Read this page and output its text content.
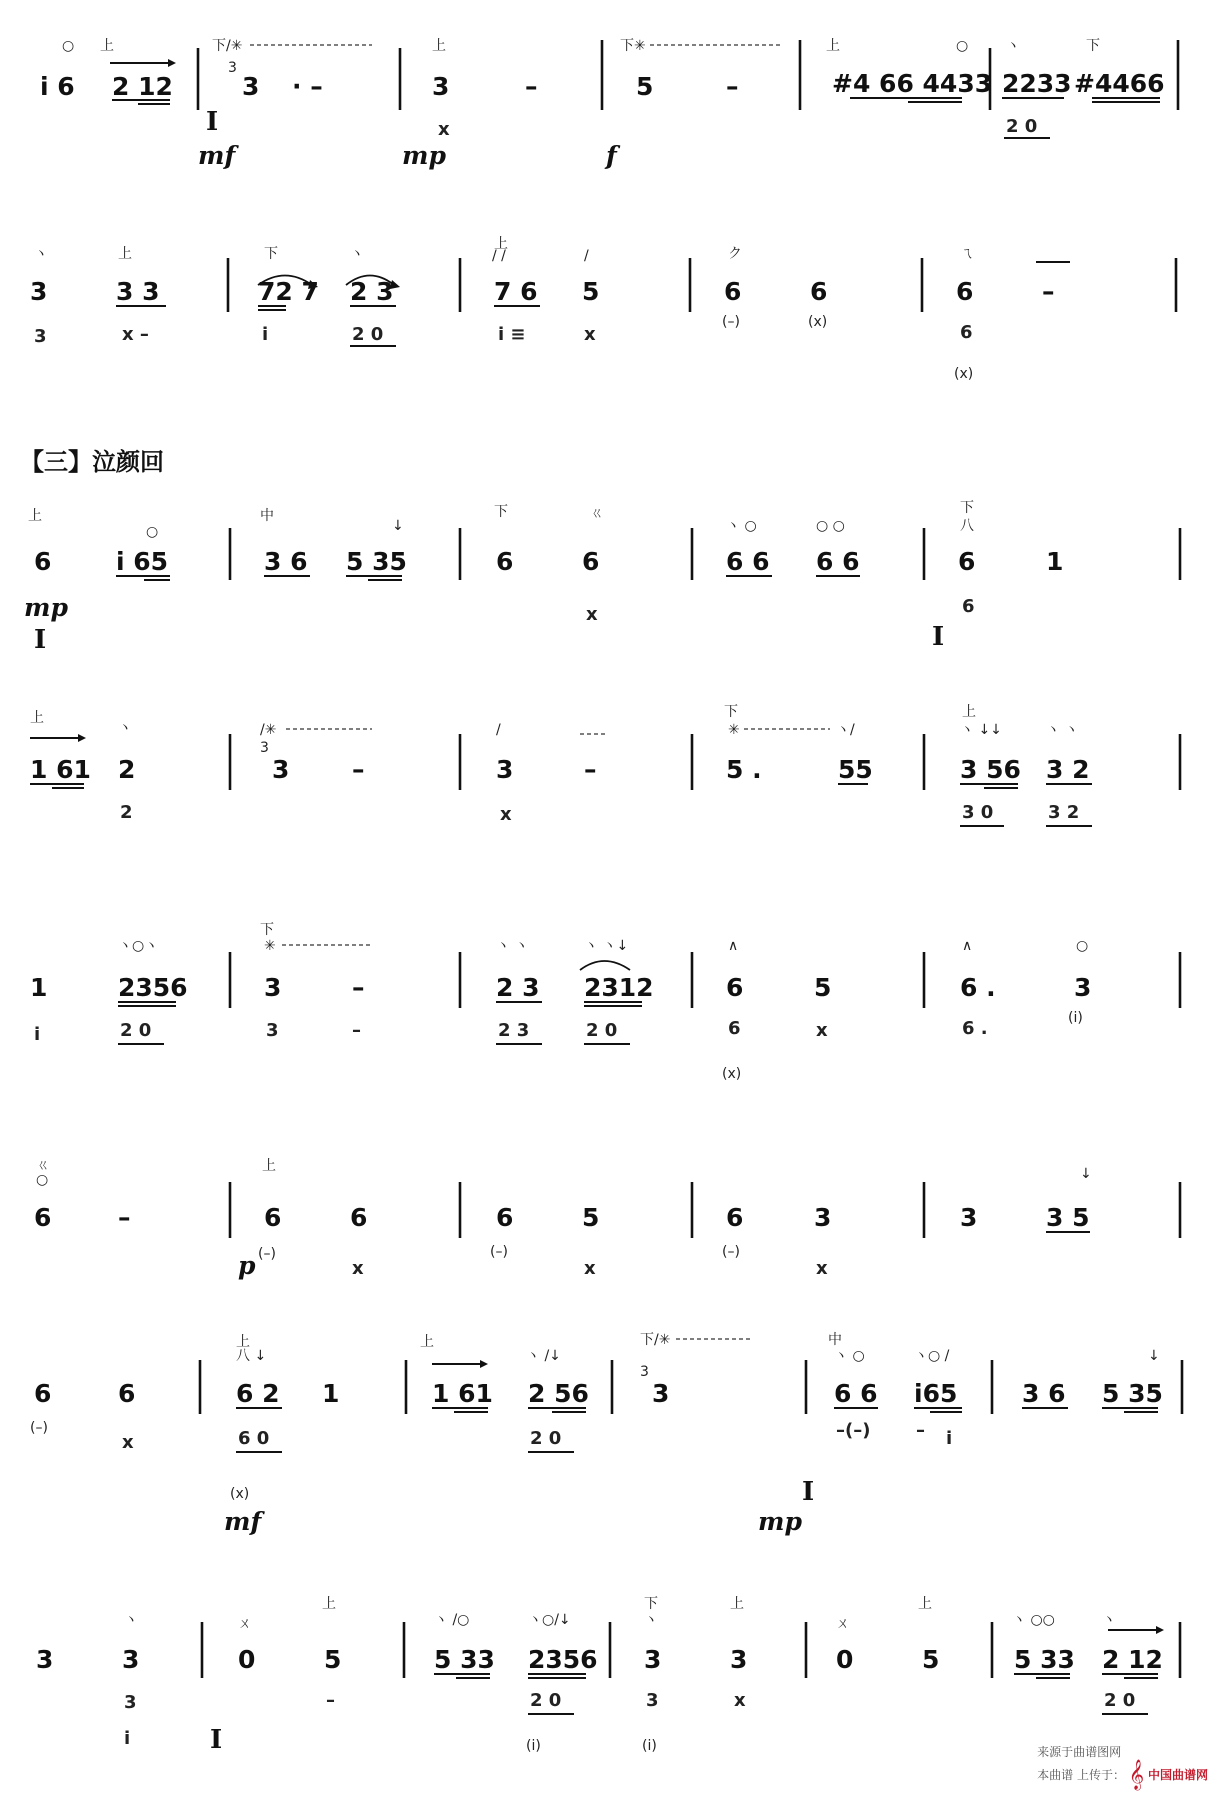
○ 上	下/✳	上	下✳	上	○	ヽ	下
i 6 2 12
3
3 · –	3	–	5	–	#4 66 4433 2233 #4466
2 0
x
I
mf	mp	f
ヽ	上	下	ヽ
上
/ /	/	ク	ㄟ
3	3 3	72 7 2 3	7 6 5	6	6	6	–
3	x –	i	2 0	i ≡	x
(–)	(x)	6
(x)
【三】泣颜回
上
○
中
↓
下	ㄍ
ヽ ○	○ ○
下
八
6	i 65	3 6 5 35	6	6	6 6 6 6	6	1
mp
I
x	6
I
上
ヽ	/✳	/
下
✳	ヽ/
上
ヽ ↓↓	ヽ ヽ
1 61 2
3
3	–	3	–	5 .	55	3 56 3 2
2	x	3 0	3 2
ヽ○ヽ
下
✳	ヽ ヽ	ヽ ヽ↓	∧	∧	○
1	2356	3	–	2 3 2312	6	5	6 .	3
i	2 0	3	–	2 3	2 0	6
(x)
x	6 .	(i)
ㄍ
○
上	↓
6	–	6	6	6	5	6	3	3	3 5
p (–)
x
(–)
x
(–)
x
上
八 ↓
上
ヽ /↓
下/✳	中
ヽ ○	ヽ○ /	↓
6	6	6 2 1	1 61 2 56
3
3	6 6 i65	3 6 5 35
(–)
x	6 0
(x)
2 0	–(–)	– i
mf	mp
I
ヽ	ㄨ
上
ヽ /○	ヽ○/↓
下
ヽ
上
ㄨ
上
ヽ ○○	ヽ
3	3	0	5	5 33 2356 3	3	0	5	5 33 2 12
3
i
–	2 0
(i)
3
(i)
x	2 0
I	来源于曲谱图网
本曲谱 上传于： 𝄞 中国曲谱网
